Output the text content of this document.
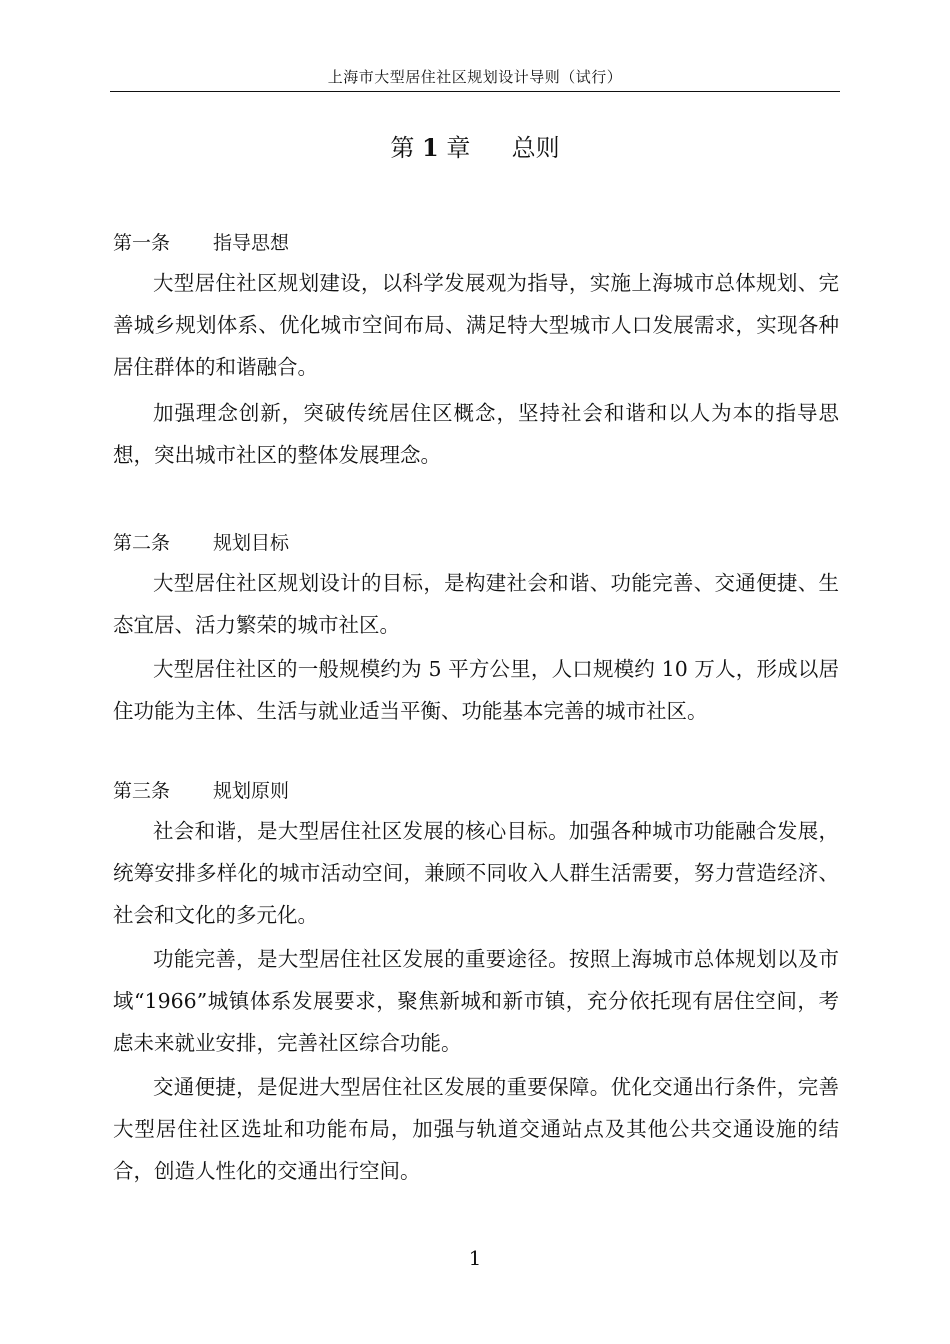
上海市大型居住社区规划设计导则（试行）
第 1 章 总则
第一条 指导思想

大型居住社区规划建设，以科学发展观为指导，实施上海城市总体规划、完善城乡规划体系、优化城市空间布局、满足特大型城市人口发展需求，实现各种居住群体的和谐融合。

加强理念创新，突破传统居住区概念，坚持社会和谐和以人为本的指导思想，突出城市社区的整体发展理念。

第二条 规划目标

大型居住社区规划设计的目标，是构建社会和谐、功能完善、交通便捷、生态宜居、活力繁荣的城市社区。

大型居住社区的一般规模约为 5 平方公里，人口规模约 10 万人，形成以居住功能为主体、生活与就业适当平衡、功能基本完善的城市社区。

第三条 规划原则

社会和谐，是大型居住社区发展的核心目标。加强各种城市功能融合发展，统筹安排多样化的城市活动空间，兼顾不同收入人群生活需要，努力营造经济、社会和文化的多元化。

功能完善，是大型居住社区发展的重要途径。按照上海城市总体规划以及市域“1966”城镇体系发展要求，聚焦新城和新市镇，充分依托现有居住空间，考虑未来就业安排，完善社区综合功能。

交通便捷，是促进大型居住社区发展的重要保障。优化交通出行条件，完善大型居住社区选址和功能布局，加强与轨道交通站点及其他公共交通设施的结合，创造人性化的交通出行空间。

1
